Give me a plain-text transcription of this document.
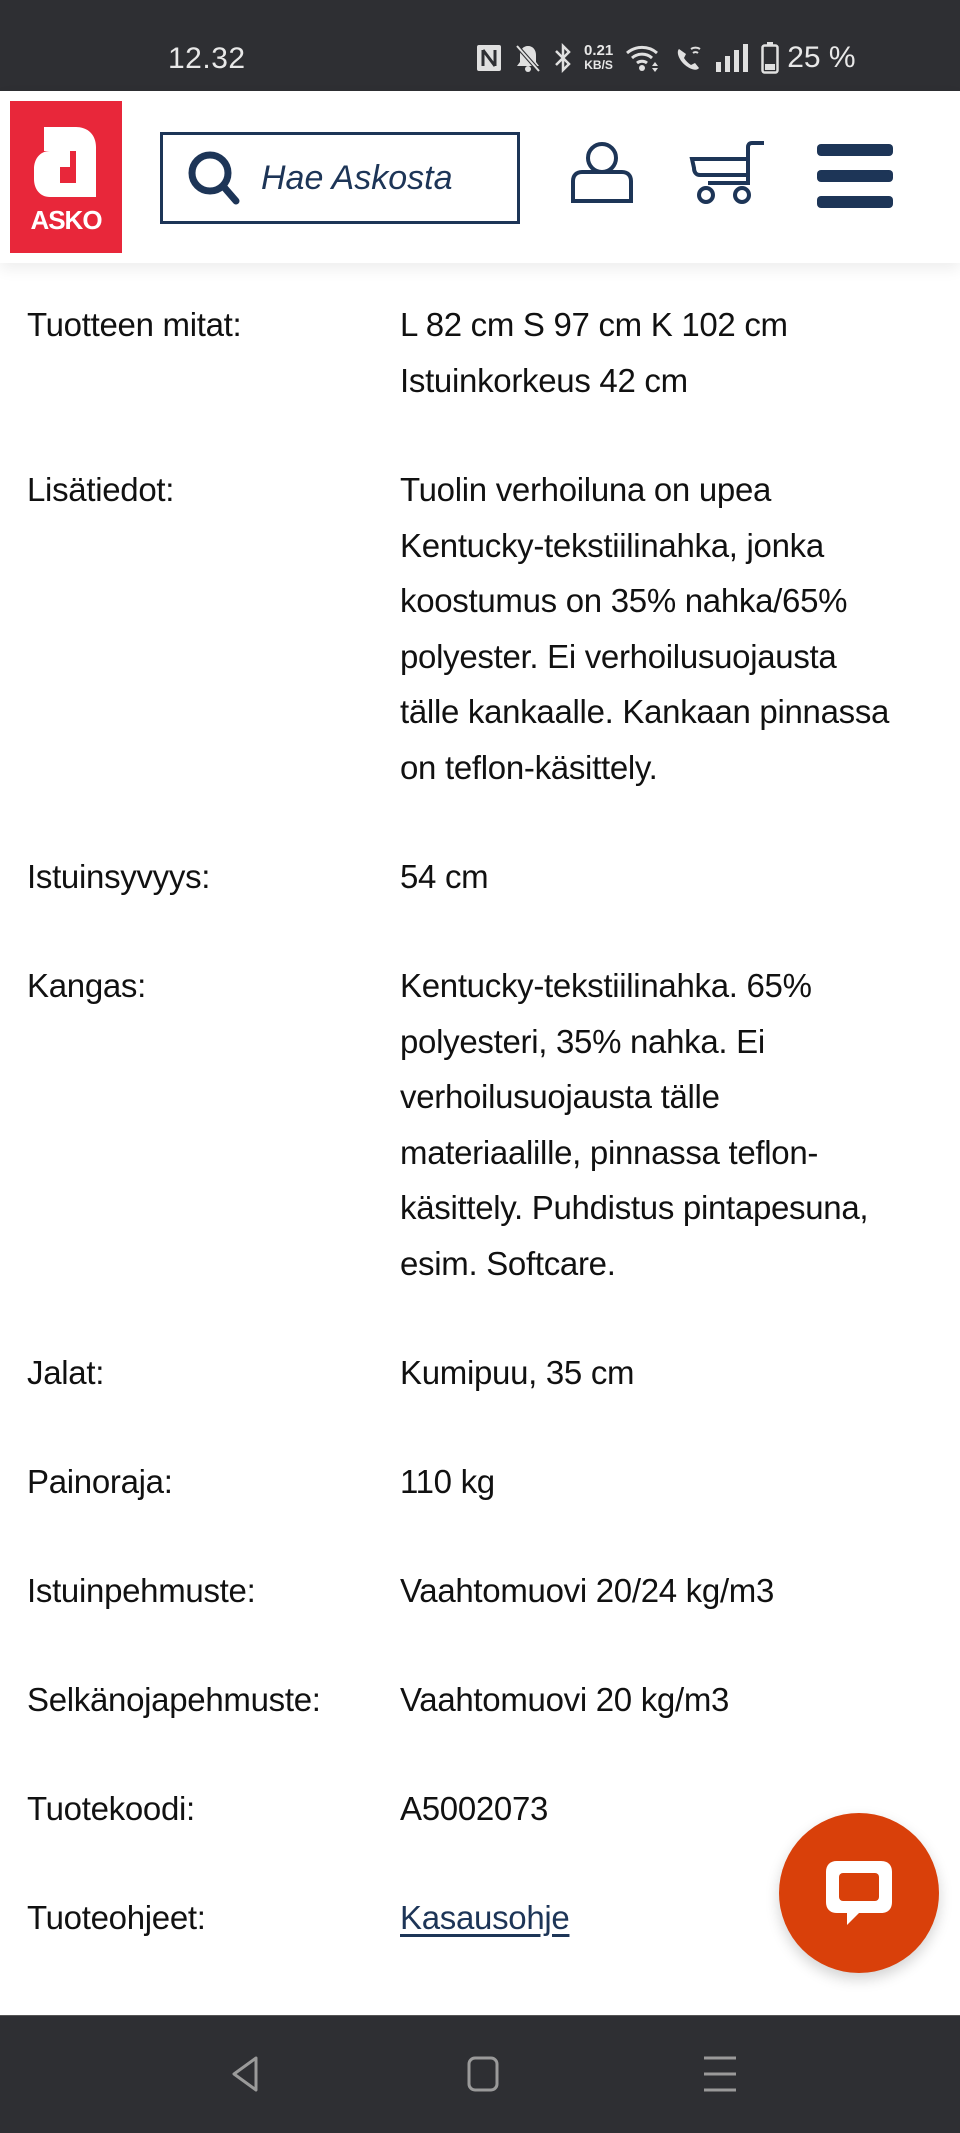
12.32	0.21
KB/S	25 %
ASKO
Hae Askosta
Tuotteen mitat:	L 82 cm S 97 cm K 102 cm
Istuinkorkeus 42 cm
Lisätiedot:	Tuolin verhoiluna on upea
Kentucky-tekstiilinahka, jonka
koostumus on 35% nahka/65%
polyester. Ei verhoilusuojausta
tälle kankaalle. Kankaan pinnassa
on teflon-käsittely.
Istuinsyvyys:	54 cm
Kangas:	Kentucky-tekstiilinahka. 65%
polyesteri, 35% nahka. Ei
verhoilusuojausta tälle
materiaalille, pinnassa teflon-
käsittely. Puhdistus pintapesuna,
esim. Softcare.
Jalat:	Kumipuu, 35 cm
Painoraja:	110 kg
Istuinpehmuste:	Vaahtomuovi 20/24 kg/m3
Selkänojapehmuste: Vaahtomuovi 20 kg/m3
Tuotekoodi:	A5002073
Tuoteohjeet:	Kasausohje
